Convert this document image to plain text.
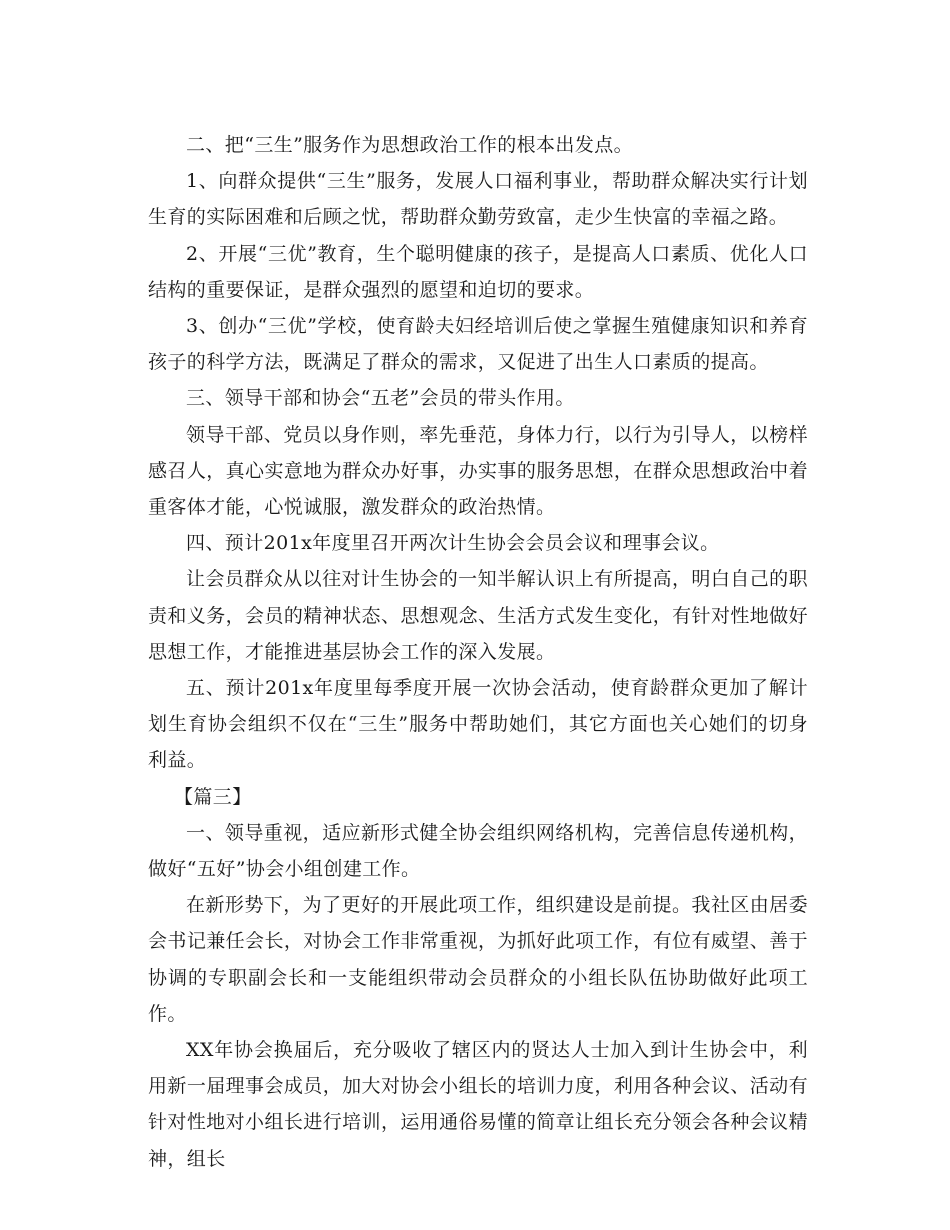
二、把“三生”服务作为思想政治工作的根本出发点。

1、向群众提供“三生”服务，发展人口福利事业，帮助群众解决实行计划生育的实际困难和后顾之忧，帮助群众勤劳致富，走少生快富的幸福之路。

2、开展“三优”教育，生个聪明健康的孩子，是提高人口素质、优化人口结构的重要保证，是群众强烈的愿望和迫切的要求。

3、创办“三优”学校，使育龄夫妇经培训后使之掌握生殖健康知识和养育孩子的科学方法，既满足了群众的需求，又促进了出生人口素质的提高。

三、领导干部和协会“五老”会员的带头作用。

领导干部、党员以身作则，率先垂范，身体力行，以行为引导人，以榜样感召人，真心实意地为群众办好事，办实事的服务思想，在群众思想政治中着重客体才能，心悦诚服，激发群众的政治热情。

四、预计201x年度里召开两次计生协会会员会议和理事会议。

让会员群众从以往对计生协会的一知半解认识上有所提高，明白自己的职责和义务，会员的精神状态、思想观念、生活方式发生变化，有针对性地做好思想工作，才能推进基层协会工作的深入发展。

五、预计201x年度里每季度开展一次协会活动，使育龄群众更加了解计划生育协会组织不仅在“三生”服务中帮助她们，其它方面也关心她们的切身利益。

【篇三】

一、领导重视，适应新形式健全协会组织网络机构，完善信息传递机构，做好“五好”协会小组创建工作。

在新形势下，为了更好的开展此项工作，组织建设是前提。我社区由居委会书记兼任会长，对协会工作非常重视，为抓好此项工作，有位有威望、善于协调的专职副会长和一支能组织带动会员群众的小组长队伍协助做好此项工作。

XX年协会换届后，充分吸收了辖区内的贤达人士加入到计生协会中，利用新一届理事会成员，加大对协会小组长的培训力度，利用各种会议、活动有针对性地对小组长进行培训，运用通俗易懂的简章让组长充分领会各种会议精神，组长
